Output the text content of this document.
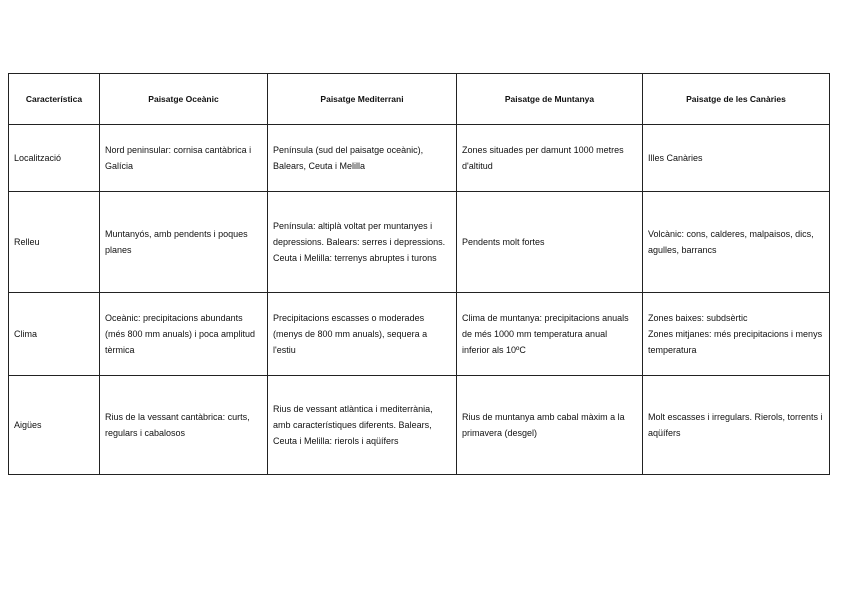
Característica	Paisatge Oceànic	Paisatge Mediterrani	Paisatge de Muntanya	Paisatge de les Canàries

Localització	Nord peninsular: cornisa cantàbrica i Galícia	Península (sud del paisatge oceànic), Balears, Ceuta i Melilla	Zones situades per damunt 1000 metres d'altitud	Illes Canàries

Relleu	Muntanyós, amb pendents i poques planes	Península: altiplà voltat per muntanyes i depressions. Balears: serres i depressions. Ceuta i Melilla: terrenys abruptes i turons	Pendents molt fortes	Volcànic: cons, calderes, malpaisos, dics, agulles, barrancs

Clima	Oceànic: precipitacions abundants (més 800 mm anuals) i poca amplitud tèrmica	Precipitacions escasses o moderades (menys de 800 mm anuals), sequera a l'estiu	Clima de muntanya: precipitacions anuals de més 1000 mm temperatura anual inferior als 10ºC	Zones baixes: subdsèrtic
Zones mitjanes: més precipitacions i menys temperatura

Aigües	Rius de la vessant cantàbrica: curts, regulars i cabalosos	Rius de vessant atlàntica i mediterrània, amb característiques diferents. Balears, Ceuta i Melilla: rierols i aqüífers	Rius de muntanya amb cabal màxim a la primavera (desgel)	Molt escasses i irregulars. Rierols, torrents i aqüífers
